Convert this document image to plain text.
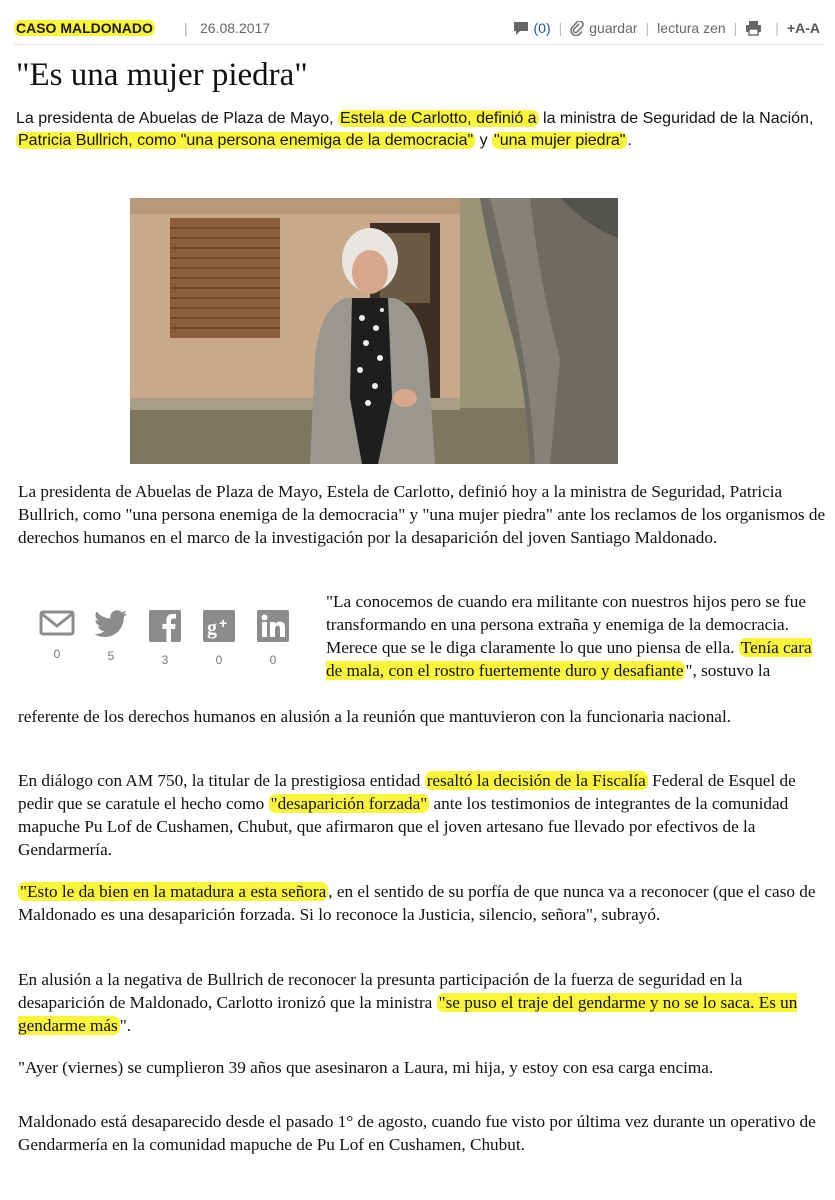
CASO MALDONADO | 26.08.2017	(0) | guardar | lectura zen |	| +A-A
"Es una mujer piedra"

La presidenta de Abuelas de Plaza de Mayo, Estela de Carlotto, definió a la ministra de Seguridad de la Nación, Patricia Bullrich, como "una persona enemiga de la democracia" y "una mujer piedra" .

La presidenta de Abuelas de Plaza de Mayo, Estela de Carlotto, definió hoy a la ministra de Seguridad, Patricia Bullrich, como "una persona enemiga de la democracia" y "una mujer piedra" ante los reclamos de los organismos de derechos humanos en el marco de la investigación por la desaparición del joven Santiago Maldonado.

0	5	3
g +
0	0

"La conocemos de cuando era militante con nuestros hijos pero se fue transformando en una persona extraña y enemiga de la democracia. Merece que se le diga claramente lo que uno piensa de ella. Tenía cara de mala, con el rostro fuertemente duro y desafiante ", sostuvo la

referente de los derechos humanos en alusión a la reunión que mantuvieron con la funcionaria nacional.

En diálogo con AM 750, la titular de la prestigiosa entidad resaltó la decisión de la Fiscalía Federal de Esquel de pedir que se caratule el hecho como "desaparición forzada" ante los testimonios de integrantes de la comunidad mapuche Pu Lof de Cushamen, Chubut, que afirmaron que el joven artesano fue llevado por efectivos de la Gendarmería.

"Esto le da bien en la matadura a esta señora , en el sentido de su porfía de que nunca va a reconocer (que el caso de Maldonado es una desaparición forzada. Si lo reconoce la Justicia, silencio, señora", subrayó.

En alusión a la negativa de Bullrich de reconocer la presunta participación de la fuerza de seguridad en la desaparición de Maldonado, Carlotto ironizó que la ministra "se puso el traje del gendarme y no se lo saca. Es un gendarme más ".

"Ayer (viernes) se cumplieron 39 años que asesinaron a Laura, mi hija, y estoy con esa carga encima.

Maldonado está desaparecido desde el pasado 1° de agosto, cuando fue visto por última vez durante un operativo de Gendarmería en la comunidad mapuche de Pu Lof en Cushamen, Chubut.
